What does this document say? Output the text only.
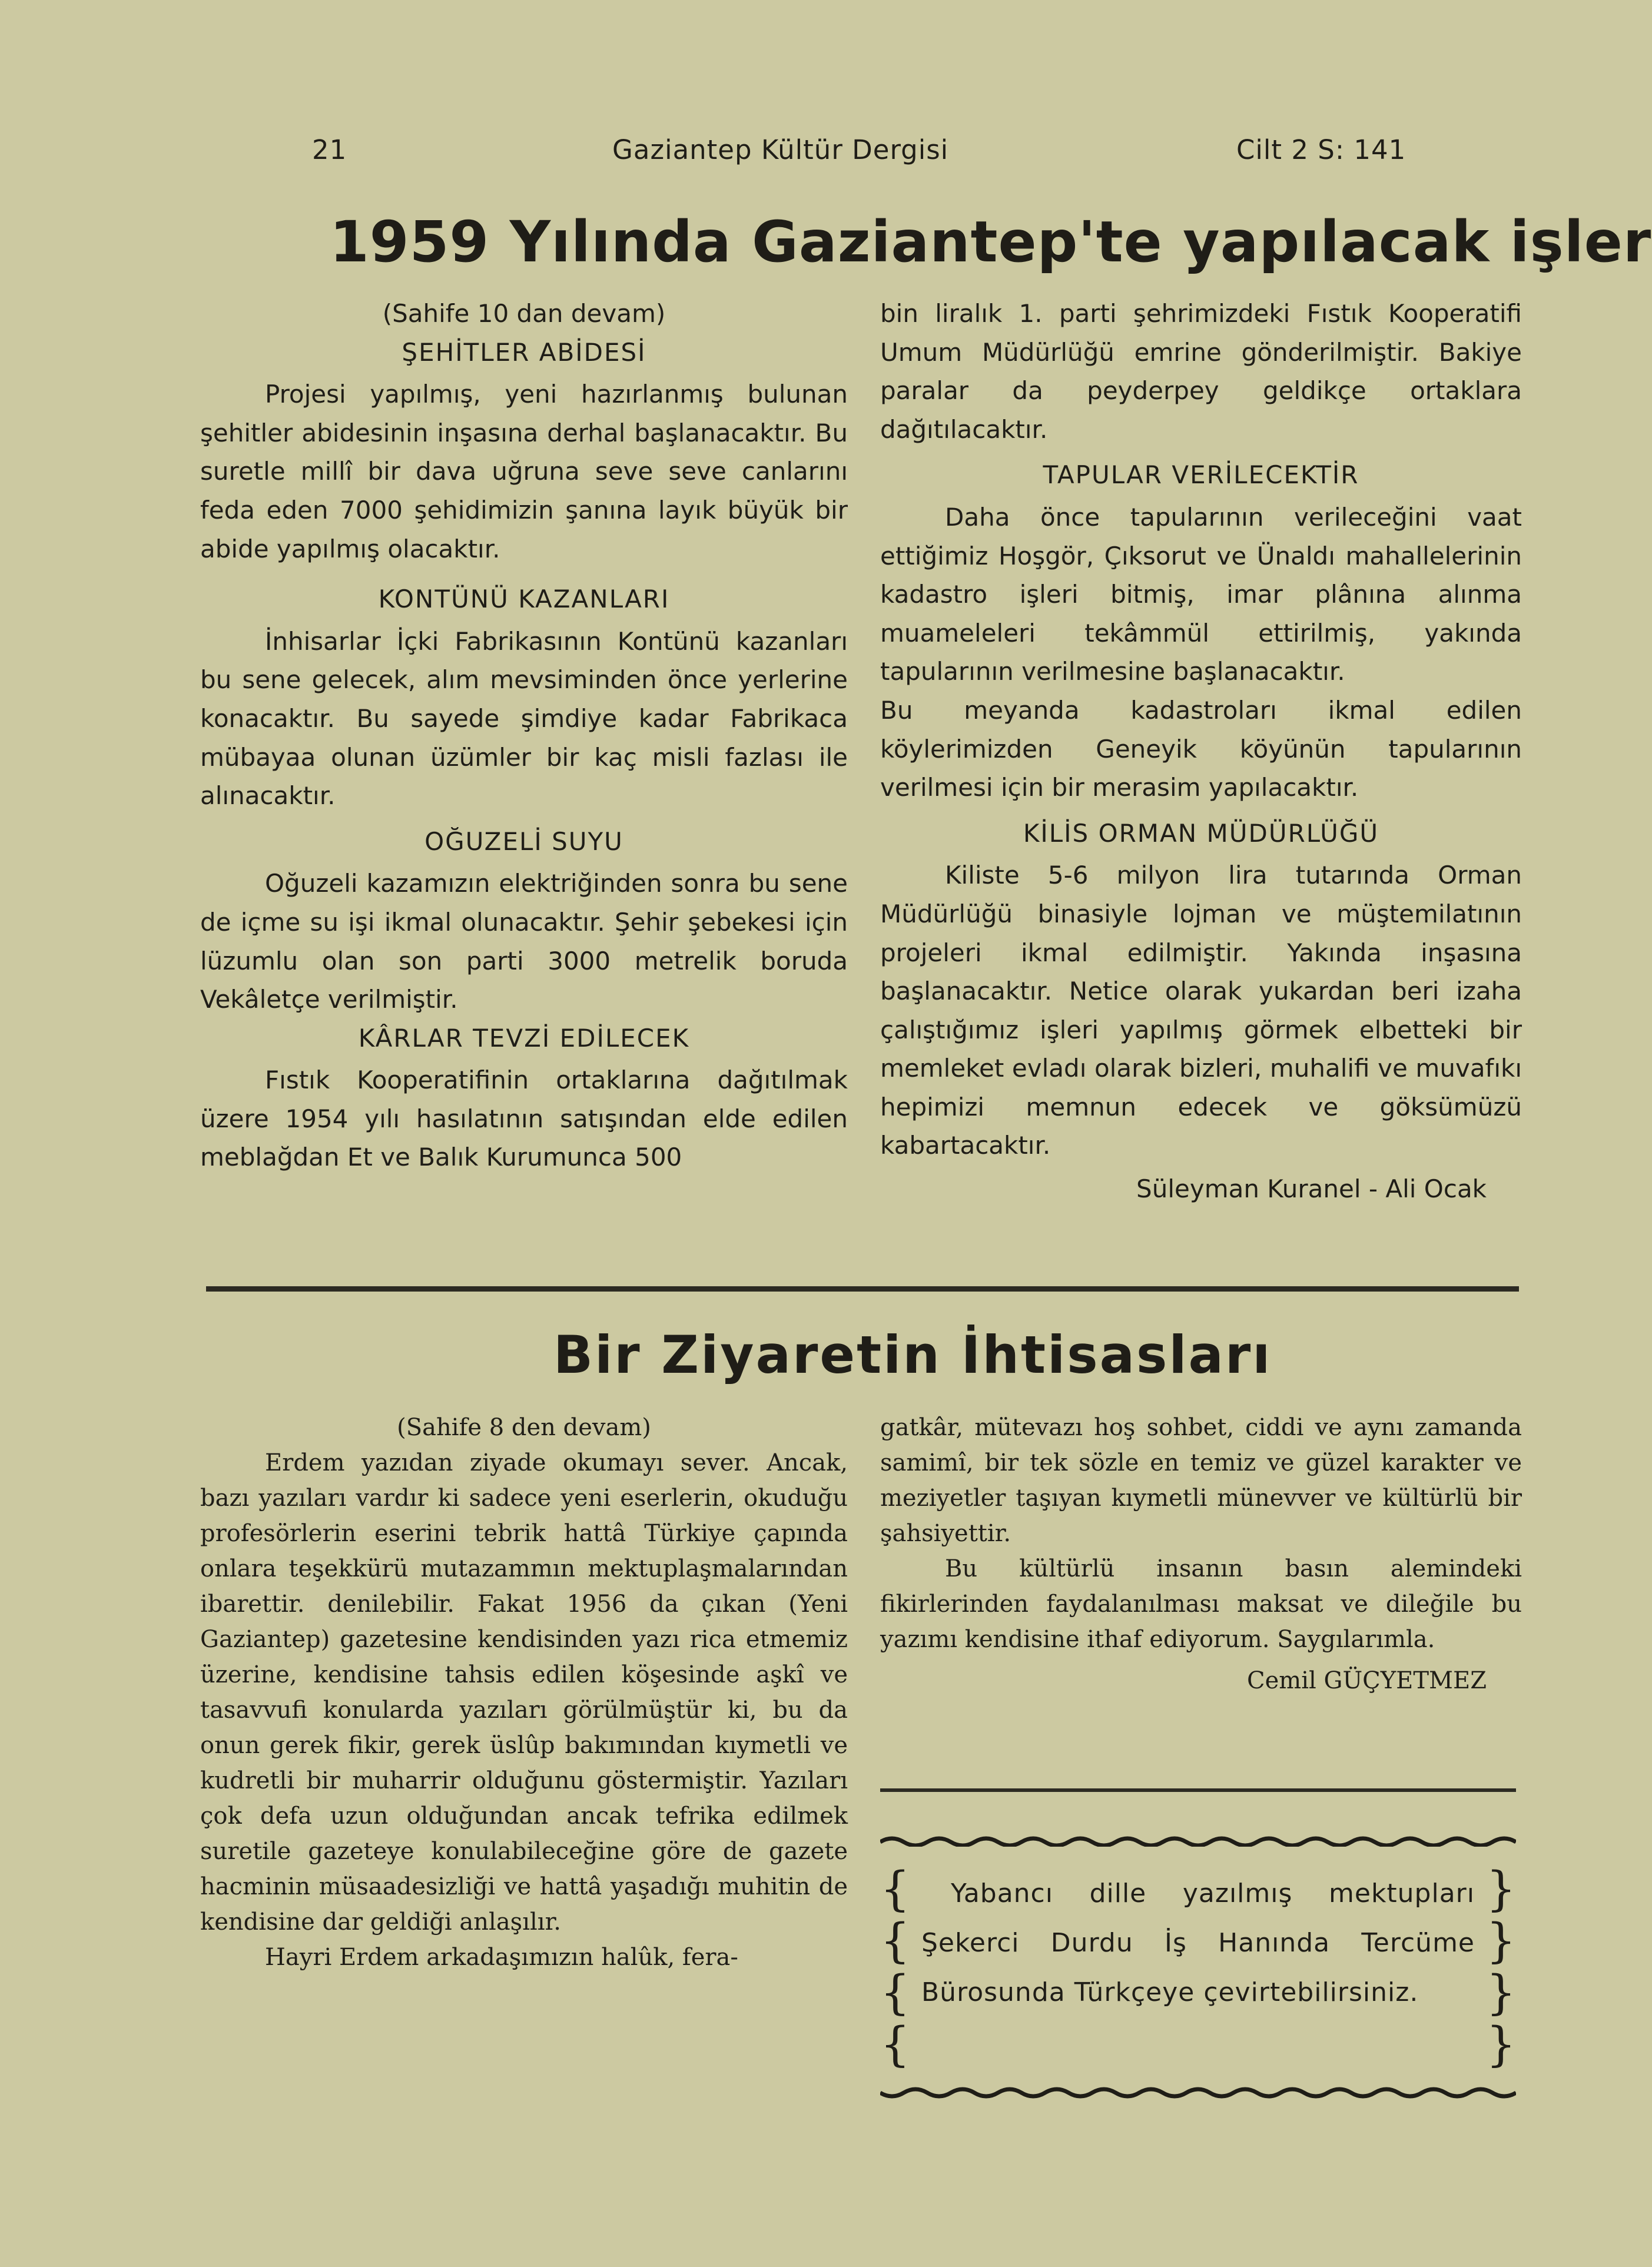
21	Gaziantep Kültür Dergisi	Cilt 2 S: 141
1959 Yılında Gaziantep'te yapılacak işler

(Sahife 10 dan devam)

ŞEHİTLER ABİDESİ

Projesi yapılmış, yeni hazırlanmış bulunan şehitler abidesinin inşasına derhal başlanacaktır. Bu suretle millî bir dava uğruna seve seve canlarını feda eden 7000 şehidimizin şanına layık büyük bir abide yapılmış olacaktır.

KONTÜNÜ KAZANLARI

İnhisarlar İçki Fabrikasının Kontünü kazanları bu sene gelecek, alım mevsiminden önce yerlerine konacaktır. Bu sayede şimdiye kadar Fabrikaca mübayaa olunan üzümler bir kaç misli fazlası ile alınacaktır.

OĞUZELİ SUYU

Oğuzeli kazamızın elektriğinden sonra bu sene de içme su işi ikmal olunacaktır. Şehir şebekesi için lüzumlu olan son parti 3000 metrelik boruda Vekâletçe verilmiştir.

KÂRLAR TEVZİ EDİLECEK

Fıstık Kooperatifinin ortaklarına dağıtılmak üzere 1954 yılı hasılatının satışından elde edilen meblağdan Et ve Balık Kurumunca 500

bin liralık 1. parti şehrimizdeki Fıstık Kooperatifi Umum Müdürlüğü emrine gönderilmiştir. Bakiye paralar da peyderpey geldikçe ortaklara dağıtılacaktır.

TAPULAR VERİLECEKTİR

Daha önce tapularının verileceğini vaat ettiğimiz Hoşgör, Çıksorut ve Ünaldı mahallelerinin kadastro işleri bitmiş, imar plânına alınma muameleleri tekâmmül ettirilmiş, yakında tapularının verilmesine başlanacaktır.

Bu meyanda kadastroları ikmal edilen köylerimizden Geneyik köyünün tapularının verilmesi için bir merasim yapılacaktır.

KİLİS ORMAN MÜDÜRLÜĞÜ

Kiliste 5-6 milyon lira tutarında Orman Müdürlüğü binasiyle lojman ve müştemilatının projeleri ikmal edilmiştir. Yakında inşasına başlanacaktır. Netice olarak yukardan beri izaha çalıştığımız işleri yapılmış görmek elbetteki bir memleket evladı olarak bizleri, muhalifi ve muvafıkı hepimizi memnun edecek ve göksümüzü kabartacaktır.

Süleyman Kuranel - Ali Ocak

Bir Ziyaretin İhtisasları

(Sahife 8 den devam)

Erdem yazıdan ziyade okumayı sever. Ancak, bazı yazıları vardır ki sadece yeni eserlerin, okuduğu profesörlerin eserini tebrik hattâ Türkiye çapında onlara teşekkürü mutazammın mektuplaşmalarından ibarettir. denilebilir. Fakat 1956 da çıkan (Yeni Gaziantep) gazetesine kendisinden yazı rica etmemiz üzerine, kendisine tahsis edilen köşesinde aşkî ve tasavvufi konularda yazıları görülmüştür ki, bu da onun gerek fikir, gerek üslûp bakımından kıymetli ve kudretli bir muharrir olduğunu göstermiştir. Yazıları çok defa uzun olduğundan ancak tefrika edilmek suretile gazeteye konulabileceğine göre de gazete hacminin müsaadesizliği ve hattâ yaşadığı muhitin de kendisine dar geldiği anlaşılır.

Hayri Erdem arkadaşımızın halûk, fera-

gatkâr, mütevazı hoş sohbet, ciddi ve aynı zamanda samimî, bir tek sözle en temiz ve güzel karakter ve meziyetler taşıyan kıymetli münevver ve kültürlü bir şahsiyettir.

Bu kültürlü insanın basın alemindeki fikirlerinden faydalanılması maksat ve dileğile bu yazımı kendisine ithaf ediyorum. Saygılarımla.

Cemil GÜÇYETMEZ

{
{
{
{
}
}
}
}

Yabancı dille yazılmış mektupları Şekerci Durdu İş Hanında Tercüme Bürosunda Türkçeye çevirtebilirsiniz.
